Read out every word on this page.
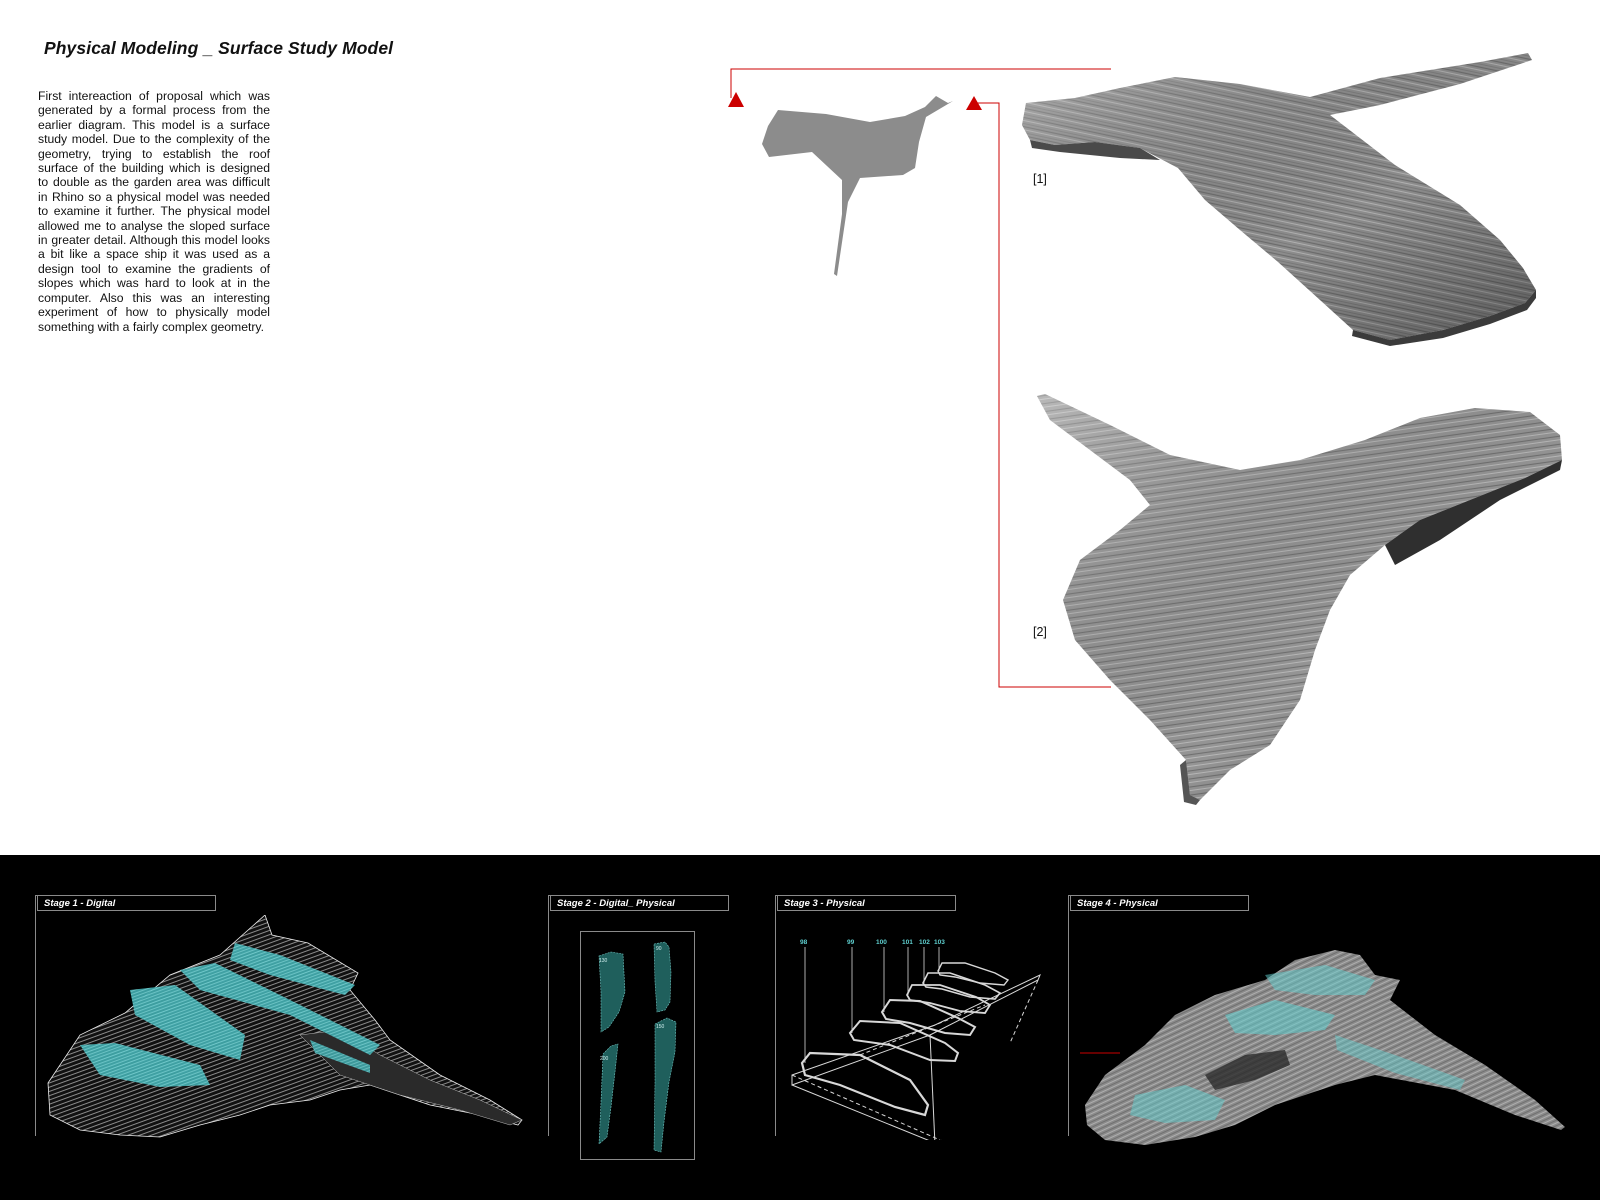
Physical Modeling _ Surface Study Model

First intereaction of proposal which was generated by a formal process from the earlier diagram. This model is a surface study model. Due to the complexity of the geometry, trying to establish the roof surface of the building which is designed to double as the garden area was difficult in Rhino so a physical model was needed to examine it further. The physical model allowed me to analyse the sloped surface in greater detail. Although this model looks a bit like a space ship it was used as a design tool to examine the gradients of slopes which was hard to look at in the computer. Also this was an interesting experiment of how to physically model something with a fairly complex geometry.

[1]
[2]
Stage 1 - Digital	Stage 2 - Digital_ Physical
130
90
200
150
Stage 3 - Physical
98	99	100 101 102 103
Stage 4 - Physical
